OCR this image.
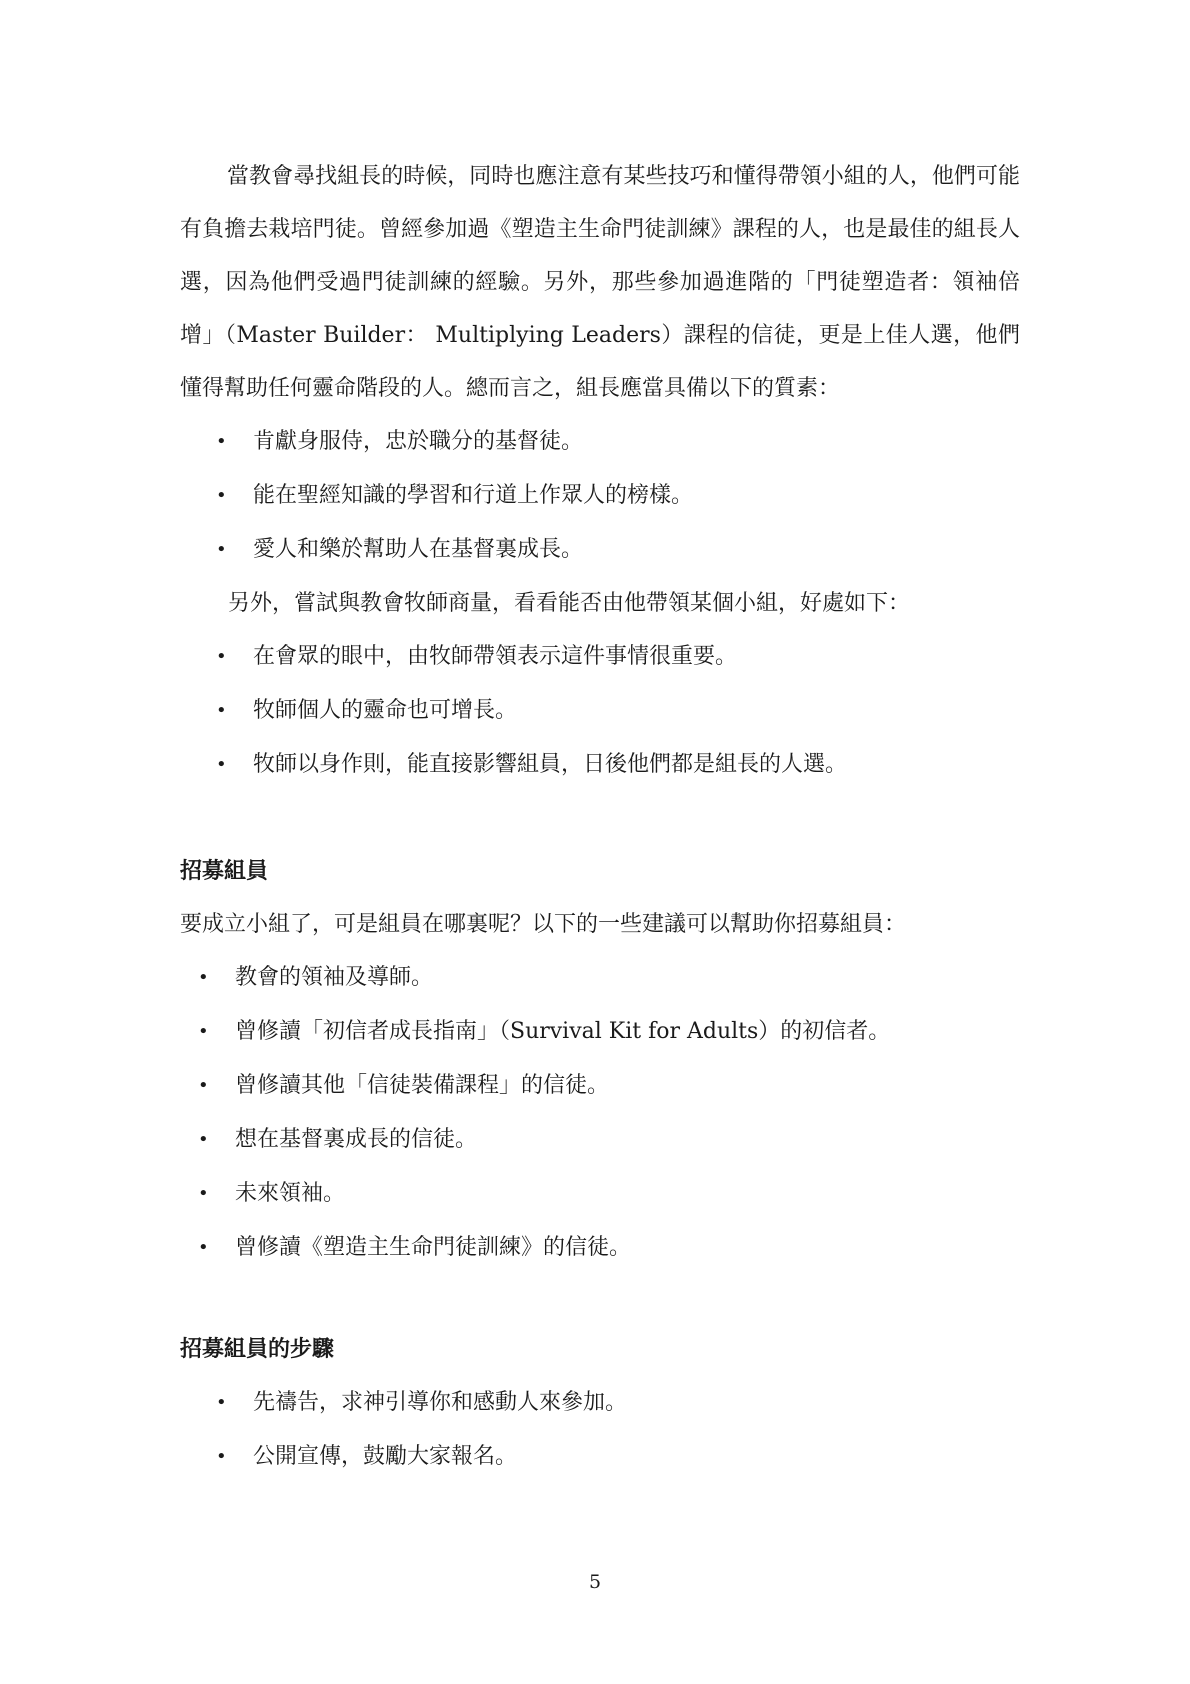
當教會尋找組長的時候，同時也應注意有某些技巧和懂得帶領小組的人，他們可能有負擔去栽培門徒。曾經參加過《塑造主生命門徒訓練》課程的人，也是最佳的組長人選，因為他們受過門徒訓練的經驗。另外，那些參加過進階的「門徒塑造者：領袖倍增」（Master Builder： Multiplying Leaders）課程的信徒，更是上佳人選，他們懂得幫助任何靈命階段的人。總而言之，組長應當具備以下的質素：

• 肯獻身服侍，忠於職分的基督徒。
• 能在聖經知識的學習和行道上作眾人的榜樣。
• 愛人和樂於幫助人在基督裏成長。

另外，嘗試與教會牧師商量，看看能否由他帶領某個小組，好處如下：

• 在會眾的眼中，由牧師帶領表示這件事情很重要。
• 牧師個人的靈命也可增長。
• 牧師以身作則，能直接影響組員，日後他們都是組長的人選。
招募組員

要成立小組了，可是組員在哪裏呢？以下的一些建議可以幫助你招募組員：

• 教會的領袖及導師。
• 曾修讀「初信者成長指南」（Survival Kit for Adults）的初信者。
• 曾修讀其他「信徒裝備課程」的信徒。
• 想在基督裏成長的信徒。
• 未來領袖。
• 曾修讀《塑造主生命門徒訓練》的信徒。
招募組員的步驟
• 先禱告，求神引導你和感動人來參加。
• 公開宣傳，鼓勵大家報名。
5
